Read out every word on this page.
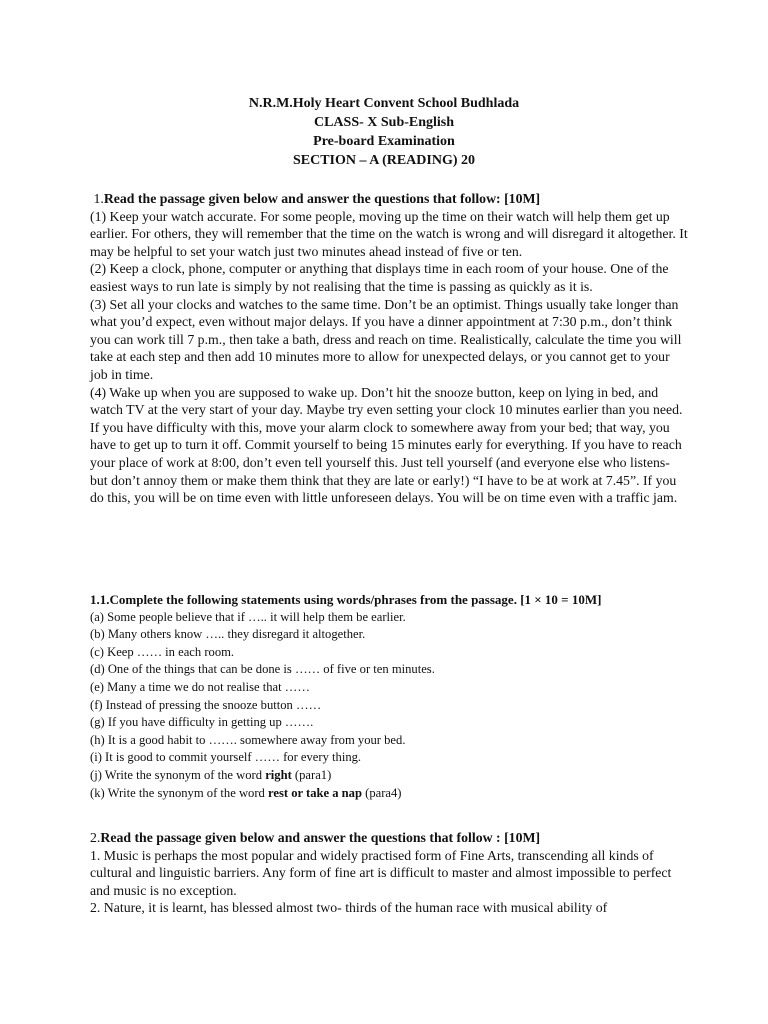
N.R.M.Holy Heart Convent School Budhlada
CLASS- X Sub-English
Pre-board Examination
SECTION – A (READING) 20

1.Read the passage given below and answer the questions that follow: [10M]

(1) Keep your watch accurate. For some people, moving up the time on their watch will help them get up earlier. For others, they will remember that the time on the watch is wrong and will disregard it altogether. It may be helpful to set your watch just two minutes ahead instead of five or ten.

(2) Keep a clock, phone, computer or anything that displays time in each room of your house. One of the easiest ways to run late is simply by not realising that the time is passing as quickly as it is.

(3) Set all your clocks and watches to the same time. Don’t be an optimist. Things usually take longer than what you’d expect, even without major delays. If you have a dinner appointment at 7:30 p.m., don’t think you can work till 7 p.m., then take a bath, dress and reach on time. Realistically, calculate the time you will take at each step and then add 10 minutes more to allow for unexpected delays, or you cannot get to your job in time.

(4) Wake up when you are supposed to wake up. Don’t hit the snooze button, keep on lying in bed, and watch TV at the very start of your day. Maybe try even setting your clock 10 minutes earlier than you need. If you have difficulty with this, move your alarm clock to somewhere away from your bed; that way, you have to get up to turn it off. Commit yourself to being 15 minutes early for everything. If you have to reach your place of work at 8:00, don’t even tell yourself this. Just tell yourself (and everyone else who listens- but don’t annoy them or make them think that they are late or early!) “I have to be at work at 7.45”. If you do this, you will be on time even with little unforeseen delays. You will be on time even with a traffic jam.

1.1.Complete the following statements using words/phrases from the passage. [1 × 10 = 10M]

(a) Some people believe that if ….. it will help them be earlier.

(b) Many others know ….. they disregard it altogether.

(c) Keep …… in each room.

(d) One of the things that can be done is …… of five or ten minutes.

(e) Many a time we do not realise that ……

(f) Instead of pressing the snooze button ……

(g) If you have difficulty in getting up …….

(h) It is a good habit to ……. somewhere away from your bed.

(i) It is good to commit yourself …… for every thing.

(j) Write the synonym of the word right (para1)

(k) Write the synonym of the word rest or take a nap (para4)

2.Read the passage given below and answer the questions that follow : [10M]

1. Music is perhaps the most popular and widely practised form of Fine Arts, transcending all kinds of cultural and linguistic barriers. Any form of fine art is difficult to master and almost impossible to perfect and music is no exception.

2. Nature, it is learnt, has blessed almost two- thirds of the human race with musical ability of
